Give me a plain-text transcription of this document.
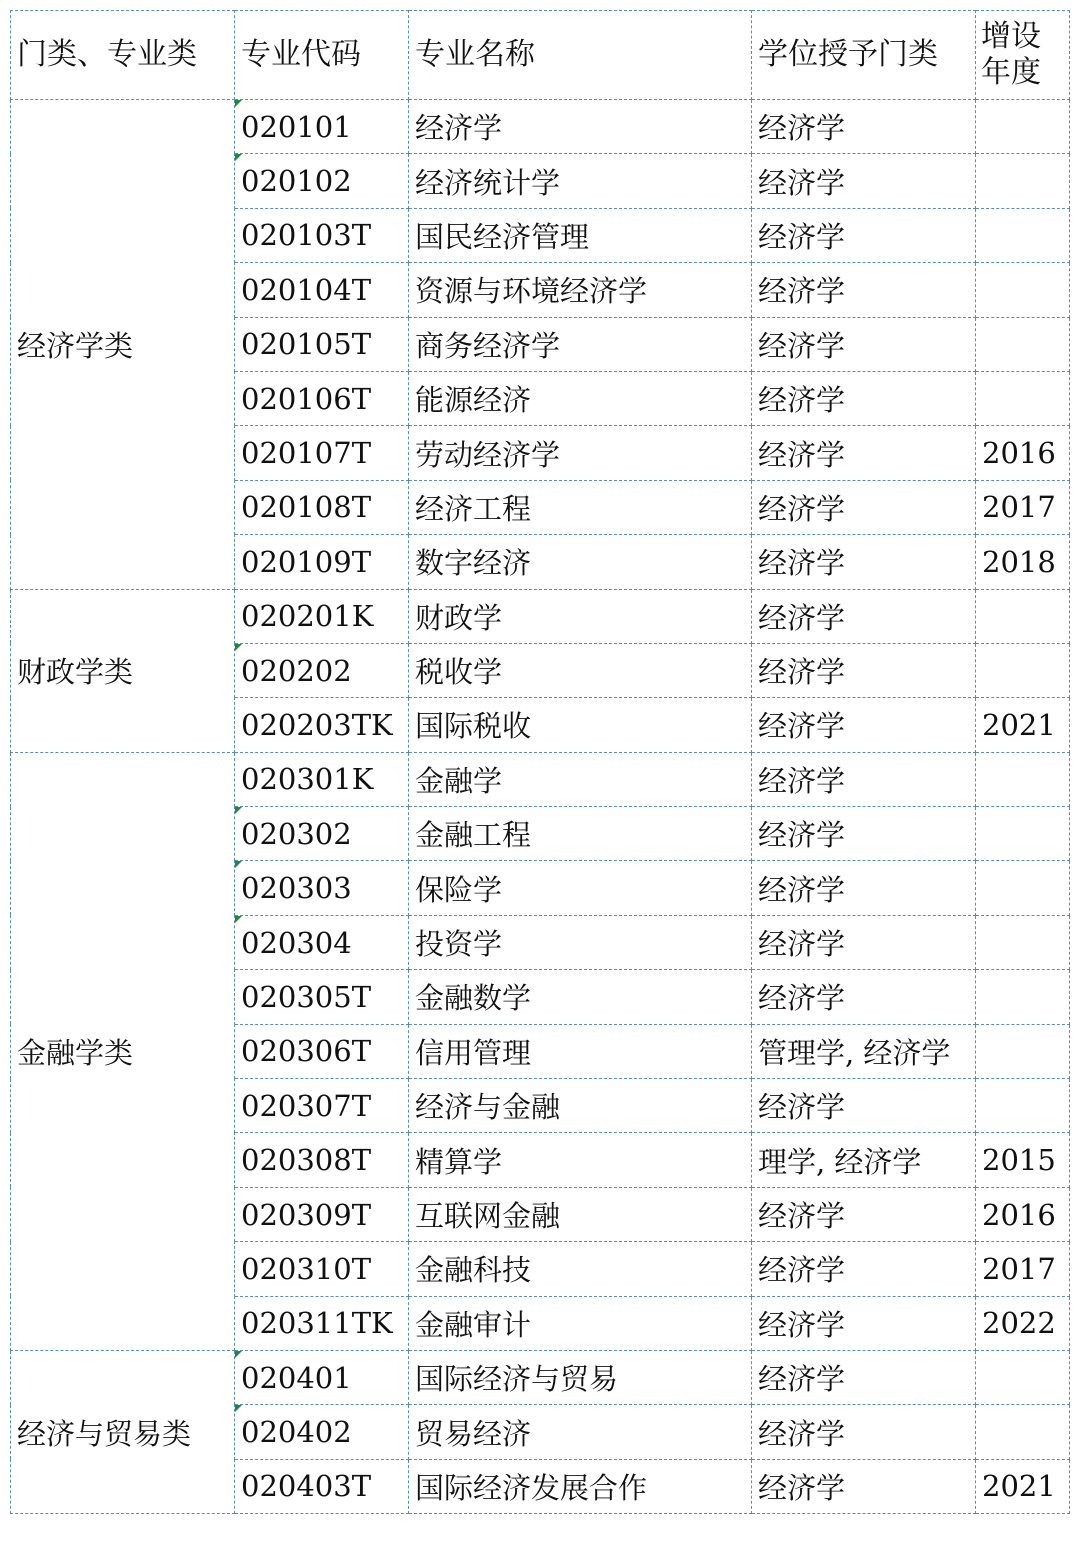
门类、专业类	专业代码	专业名称	学位授予门类	增设年度
经济学类	020101	经济学	经济学	
	020102	经济统计学	经济学	
	020103T	国民经济管理	经济学	
	020104T	资源与环境经济学	经济学	
	020105T	商务经济学	经济学	
	020106T	能源经济	经济学	
	020107T	劳动经济学	经济学	2016
	020108T	经济工程	经济学	2017
	020109T	数字经济	经济学	2018
财政学类	020201K	财政学	经济学	
	020202	税收学	经济学	
	020203TK	国际税收	经济学	2021
金融学类	020301K	金融学	经济学	
	020302	金融工程	经济学	
	020303	保险学	经济学	
	020304	投资学	经济学	
	020305T	金融数学	经济学	
	020306T	信用管理	管理学, 经济学	
	020307T	经济与金融	经济学	
	020308T	精算学	理学, 经济学	2015
	020309T	互联网金融	经济学	2016
	020310T	金融科技	经济学	2017
	020311TK	金融审计	经济学	2022
经济与贸易类	020401	国际经济与贸易	经济学	
	020402	贸易经济	经济学	
	020403T	国际经济发展合作	经济学	2021
